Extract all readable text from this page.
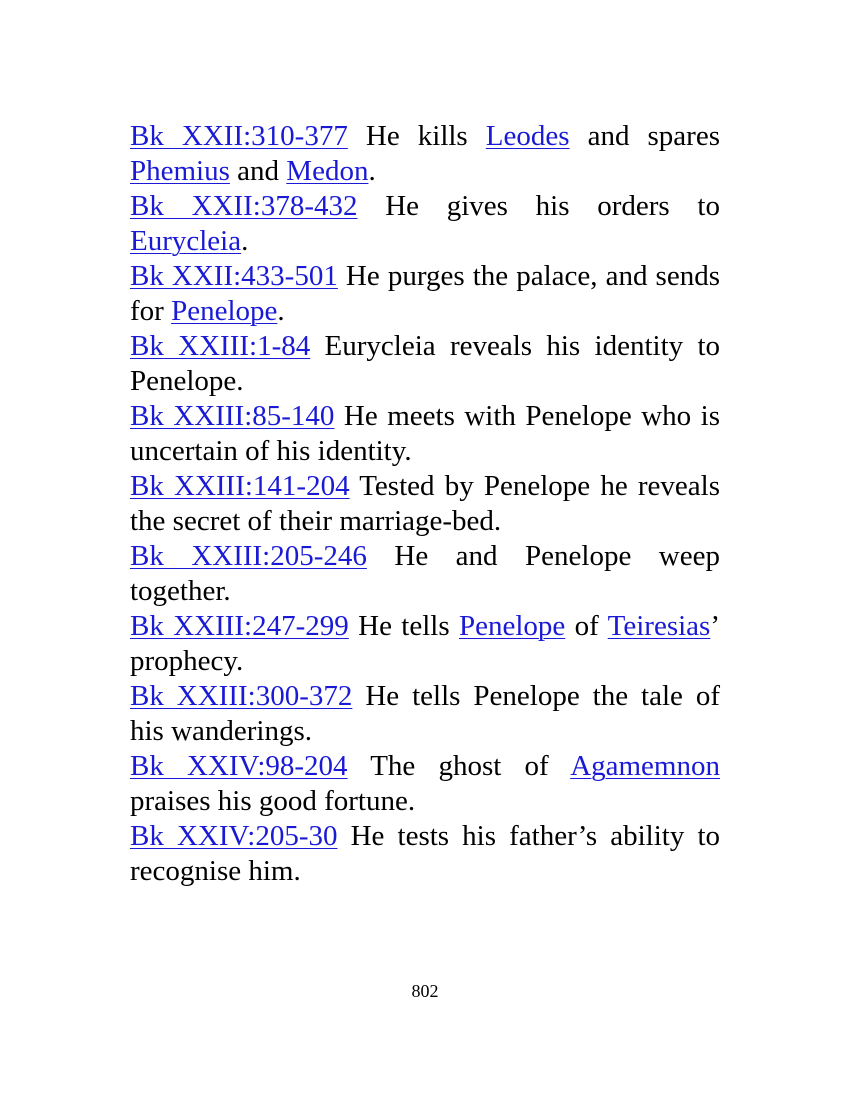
Bk XXII:310-377 He kills Leodes and spares Phemius and Medon.

Bk XXII:378-432 He gives his orders to Eurycleia.

Bk XXII:433-501 He purges the palace, and sends for Penelope.

Bk XXIII:1-84 Eurycleia reveals his identity to Penelope.

Bk XXIII:85-140 He meets with Penelope who is uncertain of his identity.

Bk XXIII:141-204 Tested by Penelope he reveals the secret of their marriage-bed.

Bk XXIII:205-246 He and Penelope weep together.

Bk XXIII:247-299 He tells Penelope of Teiresias’ prophecy.

Bk XXIII:300-372 He tells Penelope the tale of his wanderings.

Bk XXIV:98-204 The ghost of Agamemnon praises his good fortune.

Bk XXIV:205-30 He tests his father’s ability to recognise him.

802
